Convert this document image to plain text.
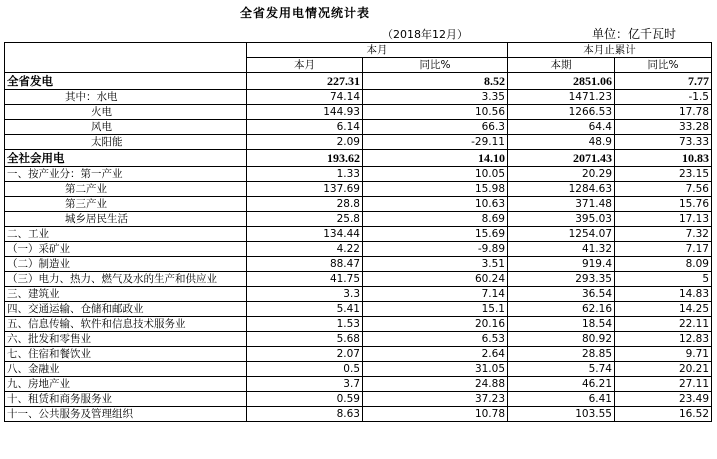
全省发用电情况统计表
（2018年12月）	单位：亿千瓦时
	本月		本月止累计	
	本月	同比%	本期	同比%
全省发电	227.31	8.52	2851.06	7.77
其中：水电	74.14	3.35	1471.23	-1.5
火电	144.93	10.56	1266.53	17.78
风电	6.14	66.3	64.4	33.28
太阳能	2.09	-29.11	48.9	73.33
全社会用电	193.62	14.10	2071.43	10.83
一、按产业分：第一产业	1.33	10.05	20.29	23.15
第二产业	137.69	15.98	1284.63	7.56
第三产业	28.8	10.63	371.48	15.76
城乡居民生活	25.8	8.69	395.03	17.13
二、工业	134.44	15.69	1254.07	7.32
（一）采矿业	4.22	-9.89	41.32	7.17
（二）制造业	88.47	3.51	919.4	8.09
（三）电力、热力、燃气及水的生产和供应业	41.75	60.24	293.35	5
三、建筑业	3.3	7.14	36.54	14.83
四、交通运输、仓储和邮政业	5.41	15.1	62.16	14.25
五、信息传输、软件和信息技术服务业	1.53	20.16	18.54	22.11
六、批发和零售业	5.68	6.53	80.92	12.83
七、住宿和餐饮业	2.07	2.64	28.85	9.71
八、金融业	0.5	31.05	5.74	20.21
九、房地产业	3.7	24.88	46.21	27.11
十、租赁和商务服务业	0.59	37.23	6.41	23.49
十一、公共服务及管理组织	8.63	10.78	103.55	16.52
